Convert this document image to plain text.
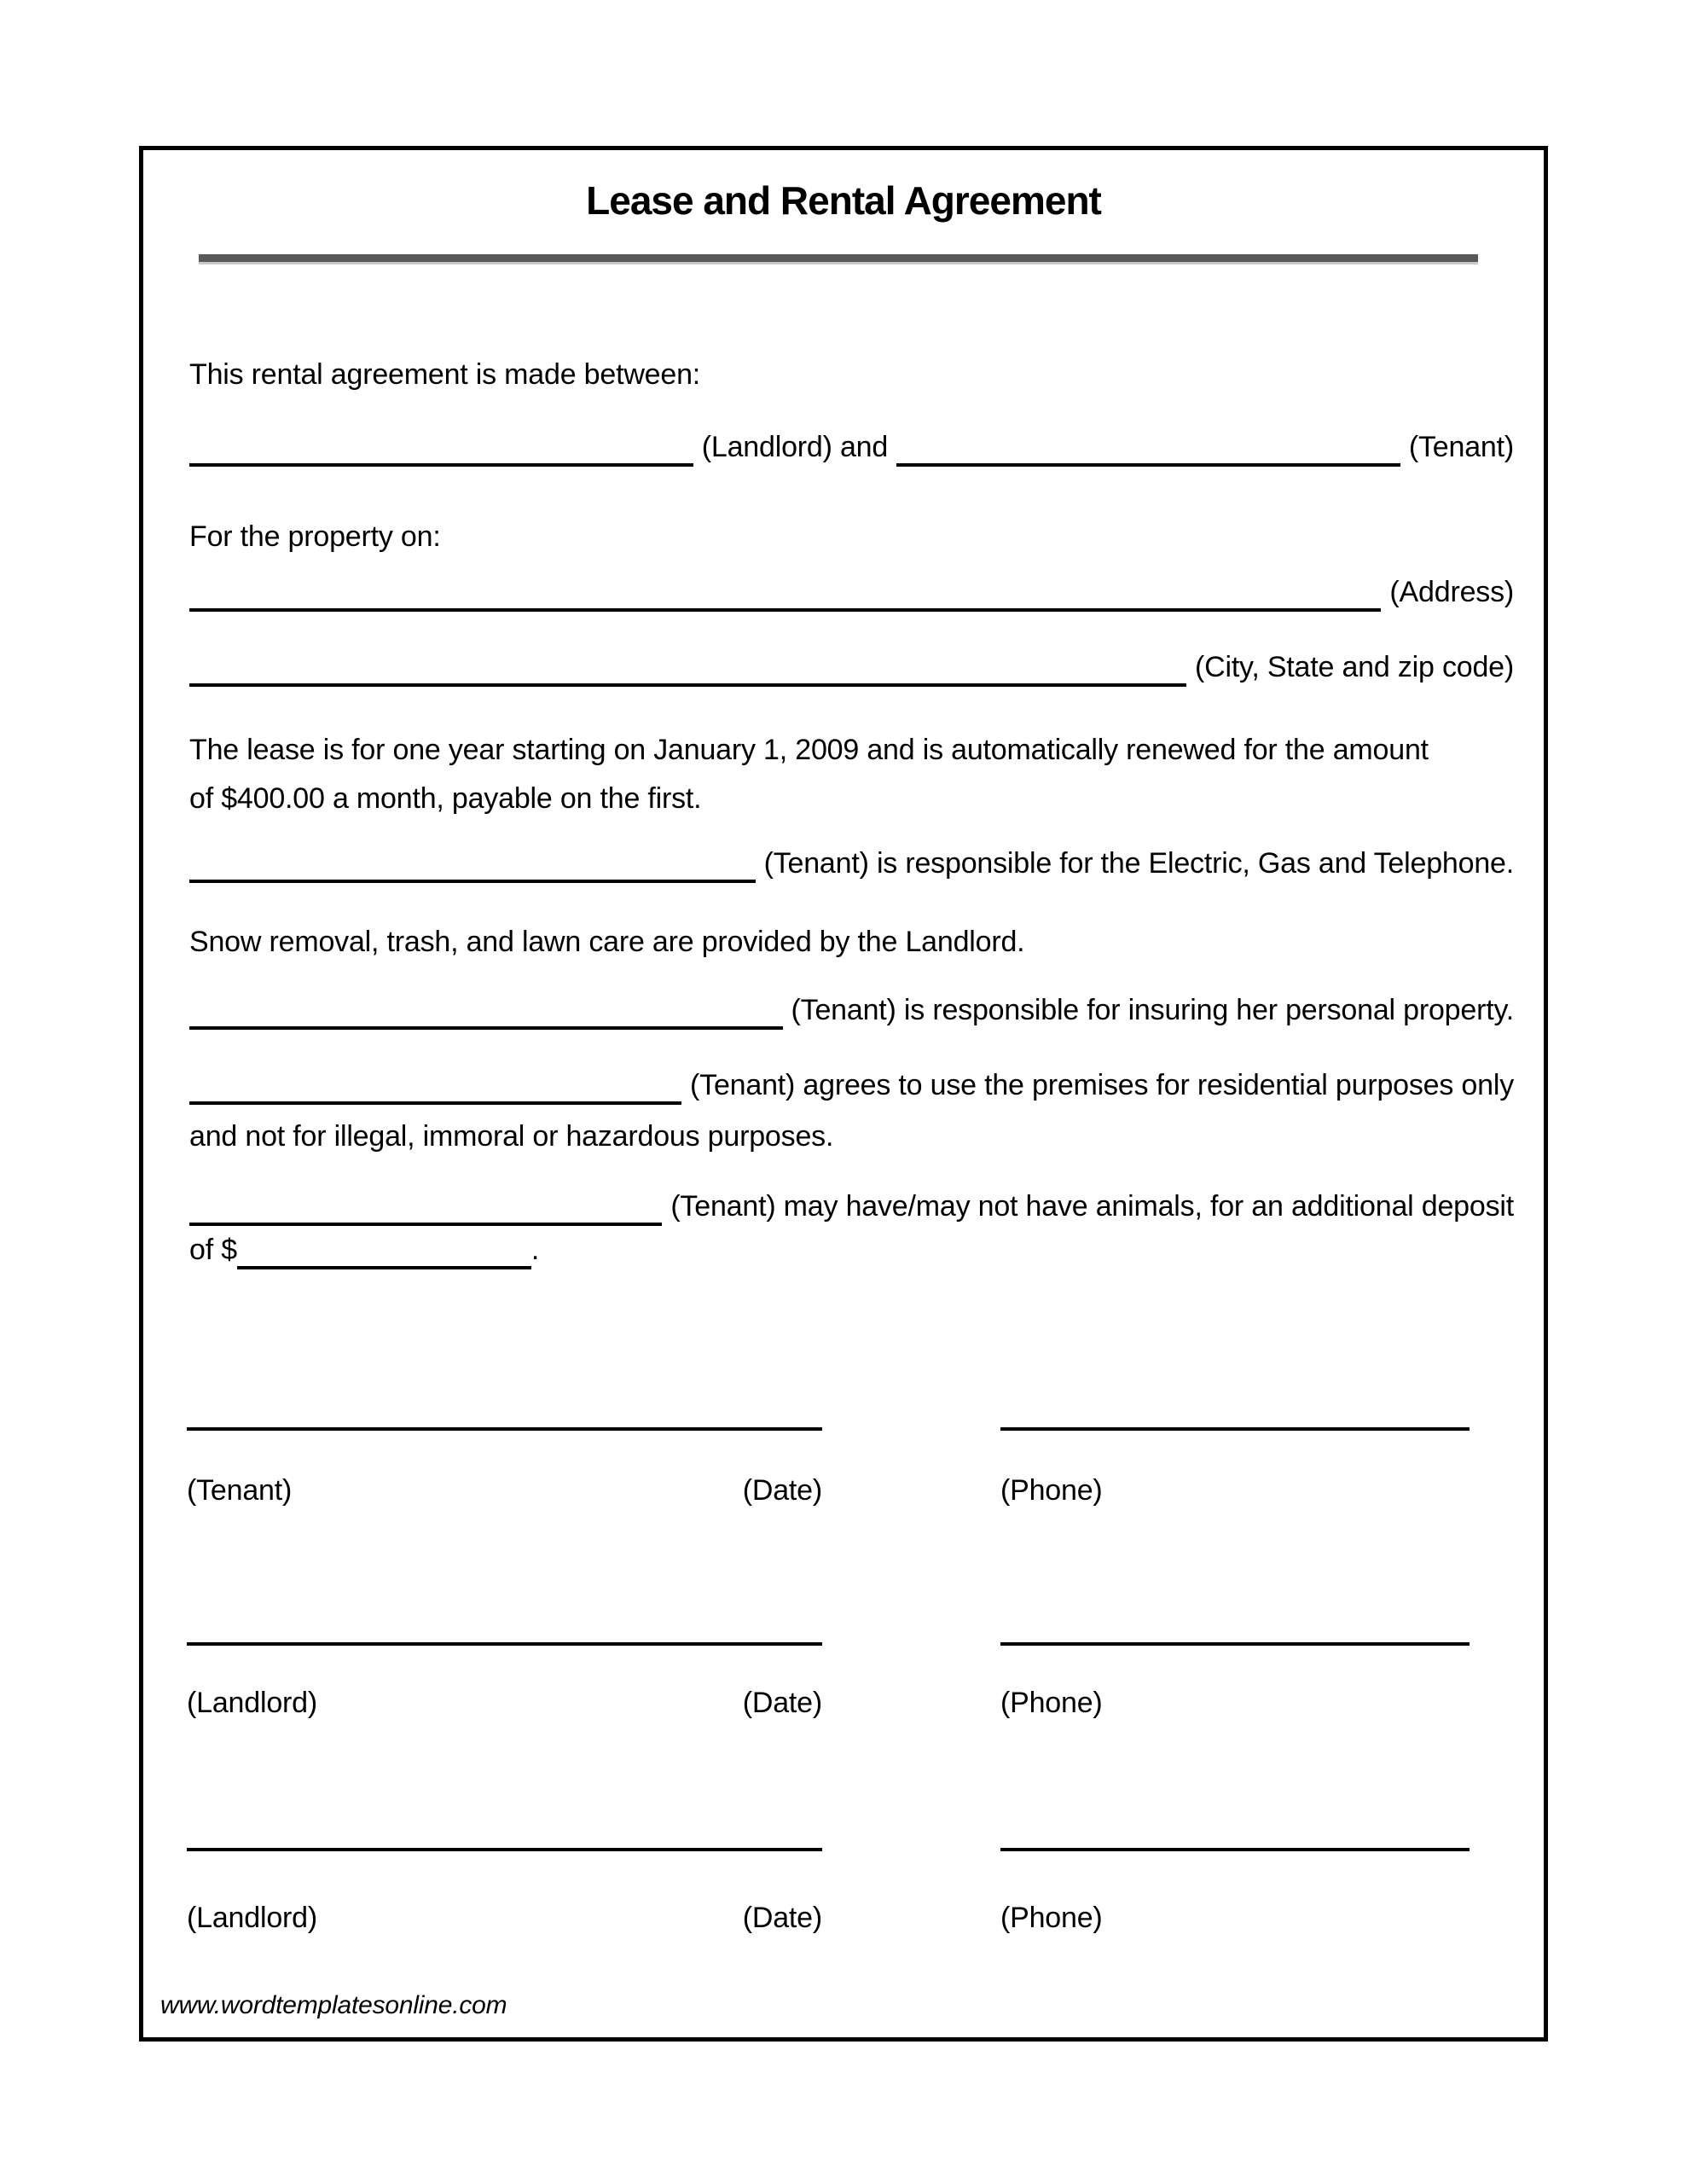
Lease and Rental Agreement
This rental agreement is made between:
(Landlord) and	(Tenant)
For the property on:
(Address)
(City, State and zip code)
The lease is for one year starting on January 1, 2009 and is automatically renewed for the amount
of $400.00 a month, payable on the first.
(Tenant) is responsible for the Electric, Gas and Telephone.
Snow removal, trash, and lawn care are provided by the Landlord.
(Tenant) is responsible for insuring her personal property.
(Tenant) agrees to use the premises for residential purposes only
and not for illegal, immoral or hazardous purposes.
(Tenant) may have/may not have animals, for an additional deposit
of $	.
(Tenant)	(Date)	(Phone)
(Landlord)	(Date)	(Phone)
(Landlord)	(Date)	(Phone)
www.wordtemplatesonline.com
